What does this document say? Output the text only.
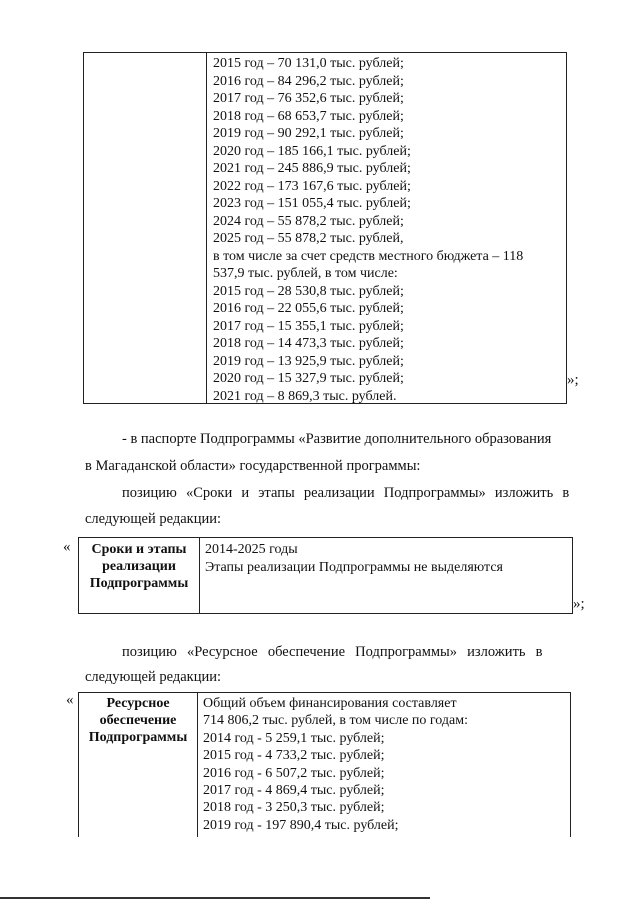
2015 год – 70 131,0 тыс. рублей;
2016 год – 84 296,2 тыс. рублей;
2017 год – 76 352,6 тыс. рублей;
2018 год – 68 653,7 тыс. рублей;
2019 год – 90 292,1 тыс. рублей;
2020 год – 185 166,1 тыс. рублей;
2021 год – 245 886,9 тыс. рублей;
2022 год – 173 167,6 тыс. рублей;
2023 год – 151 055,4 тыс. рублей;
2024 год – 55 878,2 тыс. рублей;
2025 год – 55 878,2 тыс. рублей,
в том числе за счет средств местного бюджета – 118
537,9 тыс. рублей, в том числе:
2015 год – 28 530,8 тыс. рублей;
2016 год – 22 055,6 тыс. рублей;
2017 год – 15 355,1 тыс. рублей;
2018 год – 14 473,3 тыс. рублей;
2019 год – 13 925,9 тыс. рублей;
2020 год – 15 327,9 тыс. рублей;
2021 год – 8 869,3 тыс. рублей.
»;
- в паспорте Подпрограммы «Развитие дополнительного образования
в Магаданской области» государственной программы:
позицию «Сроки и этапы реализации Подпрограммы» изложить в
следующей редакции:
«	Сроки и этапы
реализации
Подпрограммы
2014-2025 годы
Этапы реализации Подпрограммы не выделяются
»;
позицию «Ресурсное обеспечение Подпрограммы» изложить в
следующей редакции:
«	Ресурсное
обеспечение
Подпрограммы
Общий объем финансирования составляет
714 806,2 тыс. рублей, в том числе по годам:
2014 год - 5 259,1 тыс. рублей;
2015 год - 4 733,2 тыс. рублей;
2016 год - 6 507,2 тыс. рублей;
2017 год - 4 869,4 тыс. рублей;
2018 год - 3 250,3 тыс. рублей;
2019 год - 197 890,4 тыс. рублей;
